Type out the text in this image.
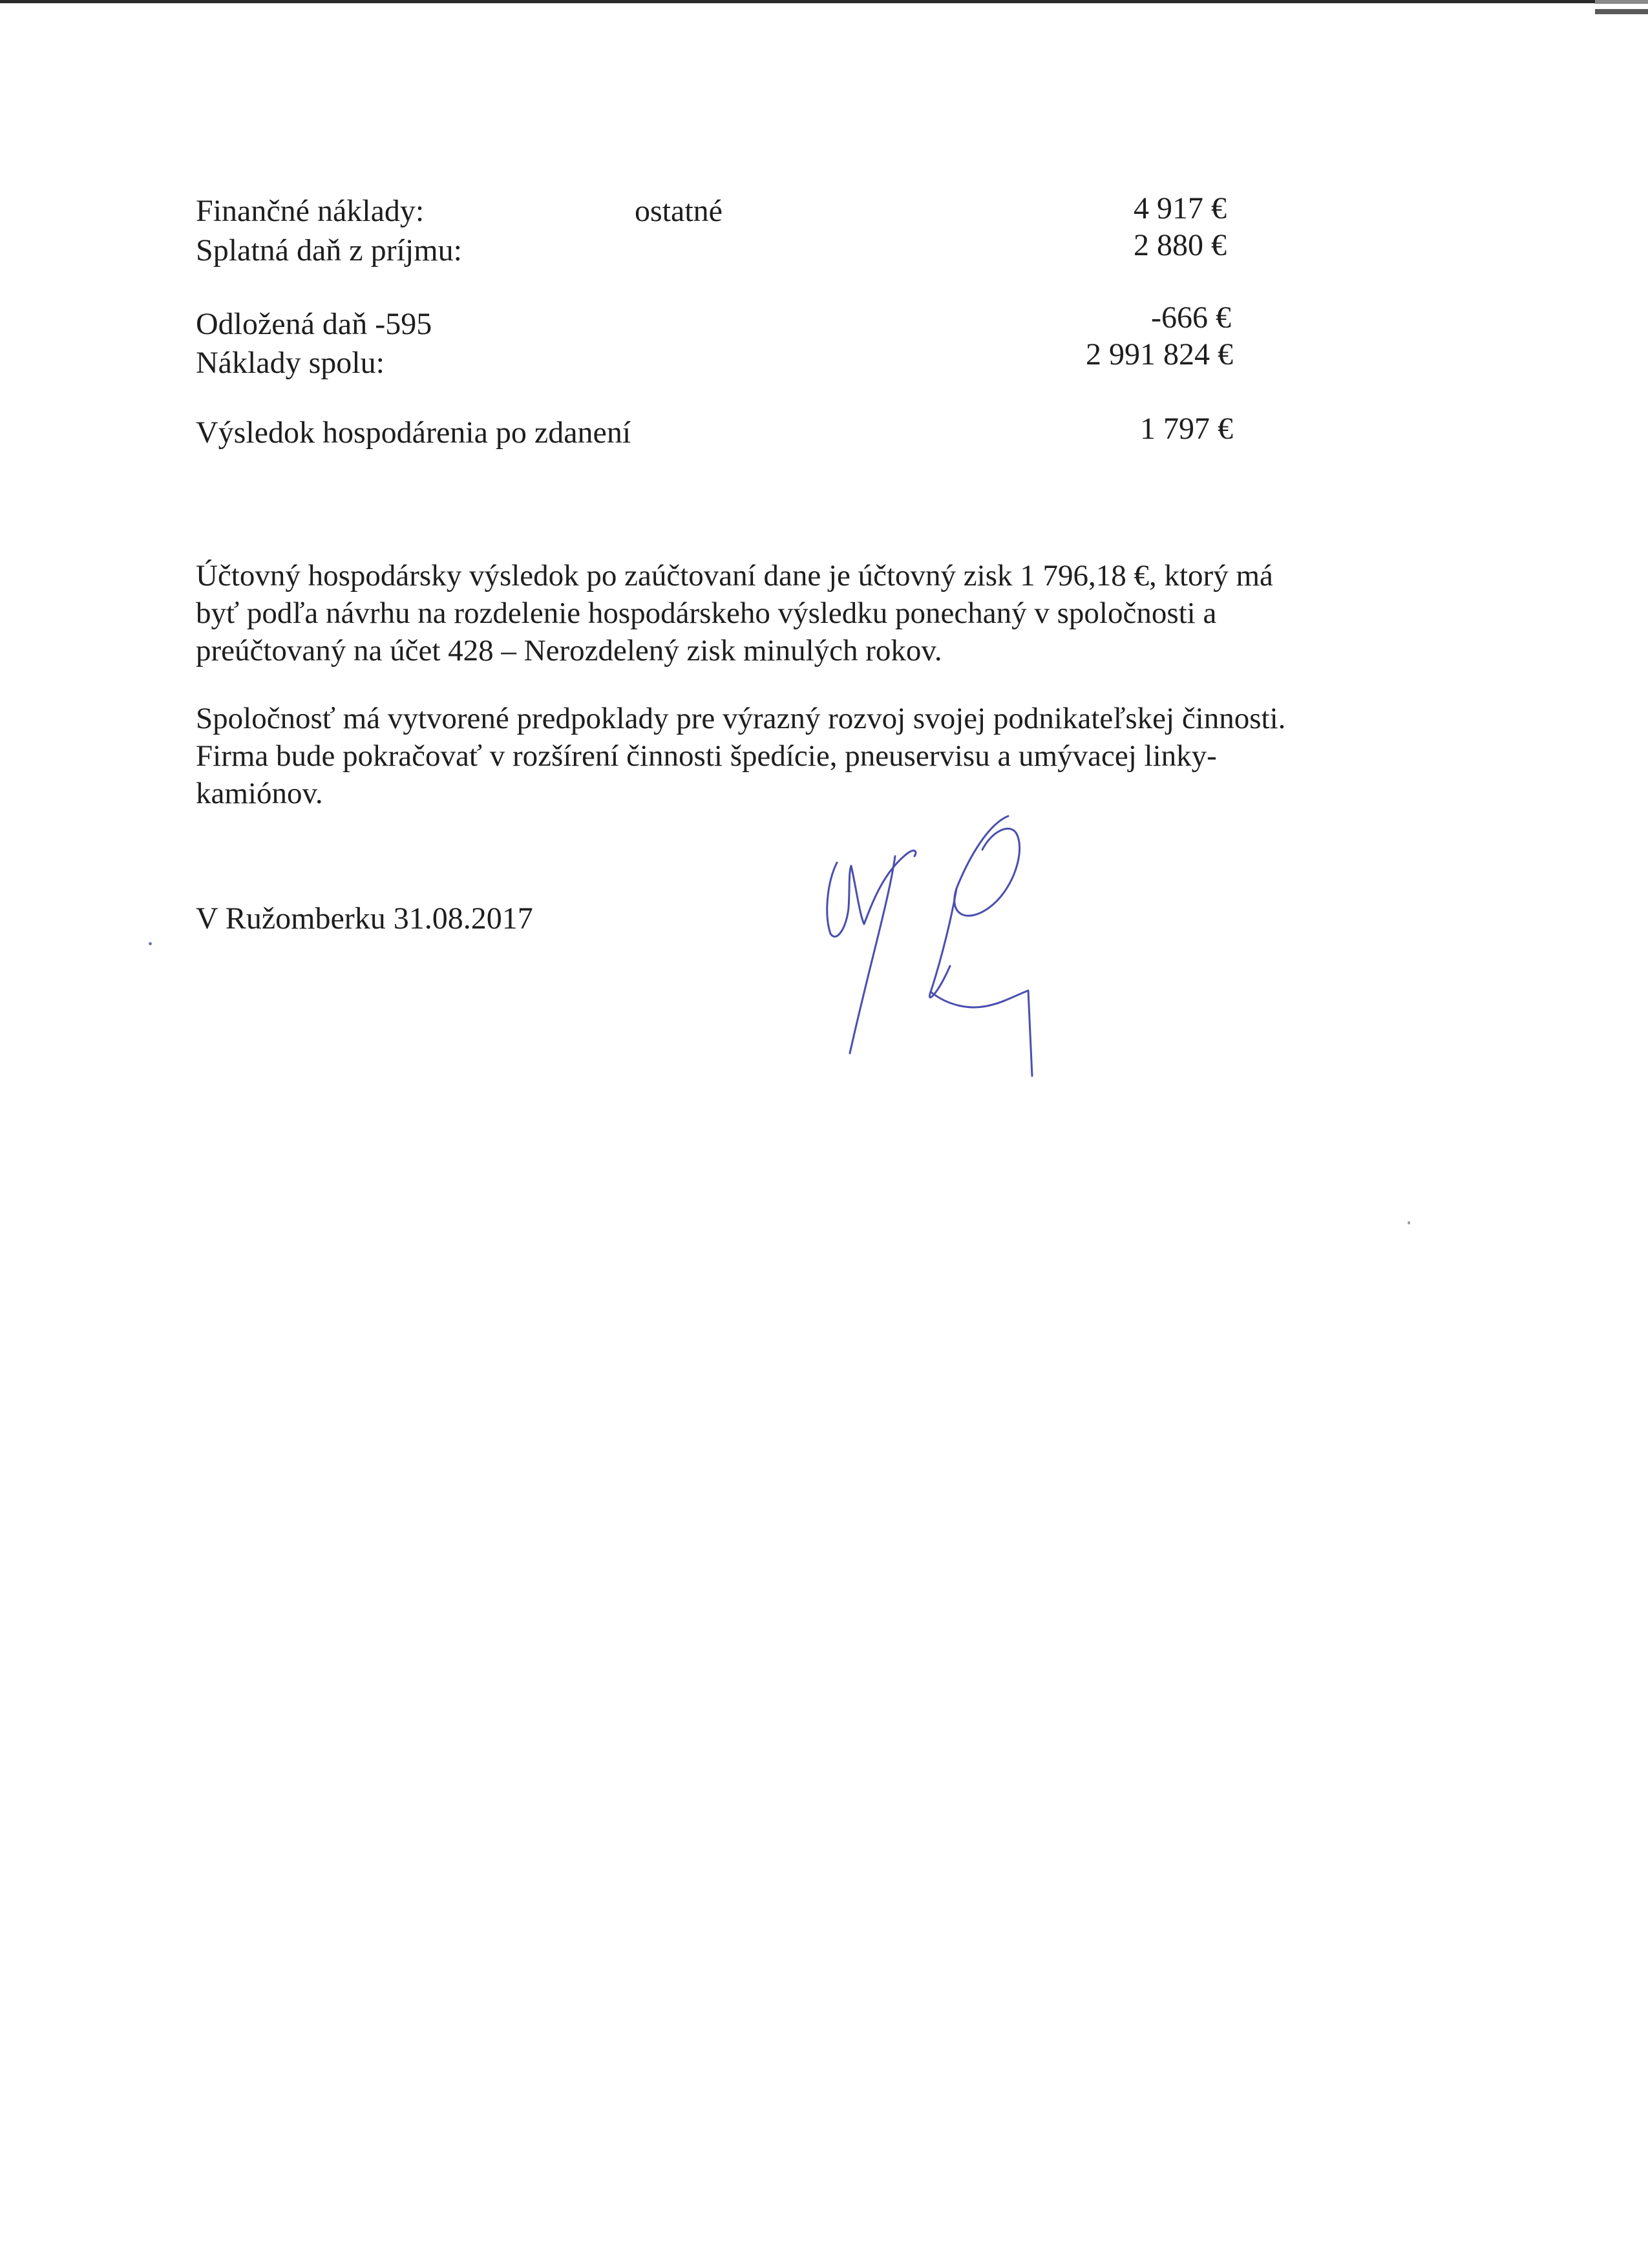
Finančné náklady:	ostatné	4 917 €
Splatná daň z príjmu:	2 880 €
Odložená daň -595	-666 €
Náklady spolu:	2 991 824 €
Výsledok hospodárenia po zdanení	1 797 €
Účtovný hospodársky výsledok po zaúčtovaní dane je účtovný zisk 1 796,18 €, ktorý má
byť podľa návrhu na rozdelenie hospodárskeho výsledku ponechaný v spoločnosti a
preúčtovaný na účet 428 – Nerozdelený zisk minulých rokov.
Spoločnosť má vytvorené predpoklady pre výrazný rozvoj svojej podnikateľskej činnosti.
Firma bude pokračovať v rozšírení činnosti špedície, pneuservisu a umývacej linky-
kamiónov.
V Ružomberku 31.08.2017
